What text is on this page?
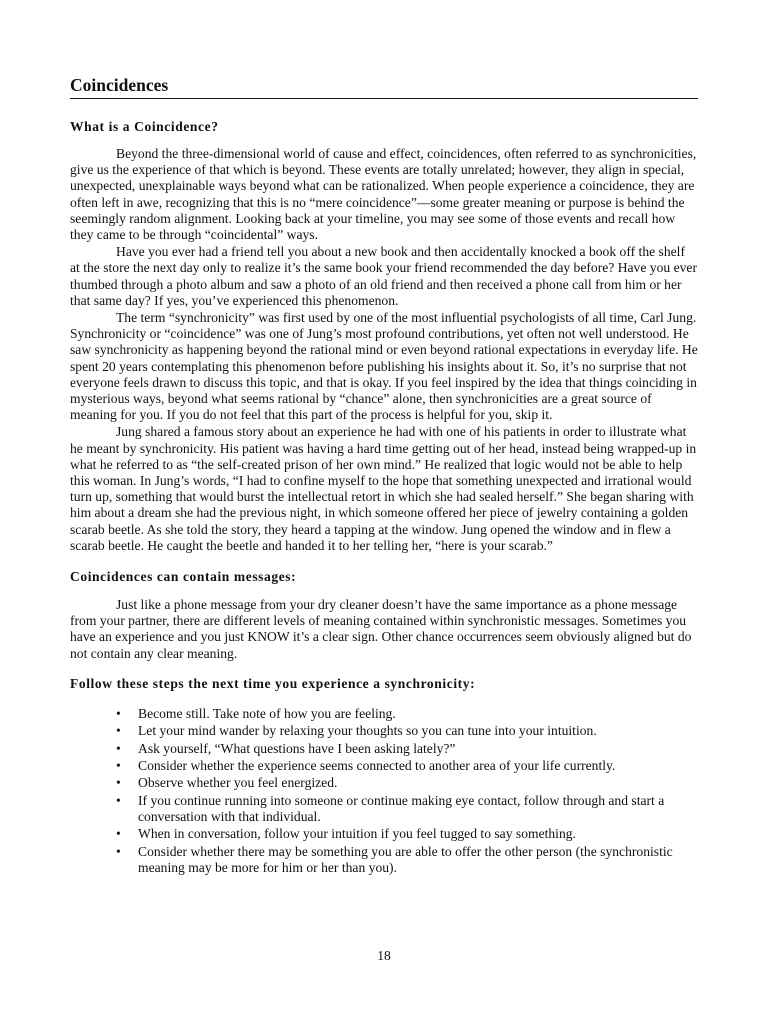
Coincidences
What is a Coincidence?

Beyond the three-dimensional world of cause and effect, coincidences, often referred to as synchronicities, give us the experience of that which is beyond. These events are totally unrelated; however, they align in special, unexpected, unexplainable ways beyond what can be rationalized. When people experience a coincidence, they are often left in awe, recognizing that this is no “mere coincidence”—some greater meaning or purpose is behind the seemingly random alignment. Looking back at your timeline, you may see some of those events and recall how they came to be through “coincidental” ways.

Have you ever had a friend tell you about a new book and then accidentally knocked a book off the shelf at the store the next day only to realize it’s the same book your friend recommended the day before? Have you ever thumbed through a photo album and saw a photo of an old friend and then received a phone call from him or her that same day? If yes, you’ve experienced this phenomenon.

The term “synchronicity” was first used by one of the most influential psychologists of all time, Carl Jung. Synchronicity or “coincidence” was one of Jung’s most profound contributions, yet often not well understood. He saw synchronicity as happening beyond the rational mind or even beyond rational expectations in everyday life. He spent 20 years contemplating this phenomenon before publishing his insights about it. So, it’s no surprise that not everyone feels drawn to discuss this topic, and that is okay. If you feel inspired by the idea that things coinciding in mysterious ways, beyond what seems rational by “chance” alone, then synchronicities are a great source of meaning for you. If you do not feel that this part of the process is helpful for you, skip it.

Jung shared a famous story about an experience he had with one of his patients in order to illustrate what he meant by synchronicity. His patient was having a hard time getting out of her head, instead being wrapped-up in what he referred to as “the self-created prison of her own mind.” He realized that logic would not be able to help this woman. In Jung’s words, “I had to confine myself to the hope that something unexpected and irrational would turn up, something that would burst the intellectual retort in which she had sealed herself.” She began sharing with him about a dream she had the previous night, in which someone offered her piece of jewelry containing a golden scarab beetle. As she told the story, they heard a tapping at the window. Jung opened the window and in flew a scarab beetle. He caught the beetle and handed it to her telling her, “here is your scarab.”

Coincidences can contain messages:

Just like a phone message from your dry cleaner doesn’t have the same importance as a phone message from your partner, there are different levels of meaning contained within synchronistic messages. Sometimes you have an experience and you just KNOW it’s a clear sign. Other chance occurrences seem obviously aligned but do not contain any clear meaning.

Follow these steps the next time you experience a synchronicity:
• Become still. Take note of how you are feeling.
• Let your mind wander by relaxing your thoughts so you can tune into your intuition.
• Ask yourself, “What questions have I been asking lately?”
• Consider whether the experience seems connected to another area of your life currently.
• Observe whether you feel energized.
• If you continue running into someone or continue making eye contact, follow through and start a conversation with that individual.
• When in conversation, follow your intuition if you feel tugged to say something.
• Consider whether there may be something you are able to offer the other person (the synchronistic meaning may be more for him or her than you).
18
